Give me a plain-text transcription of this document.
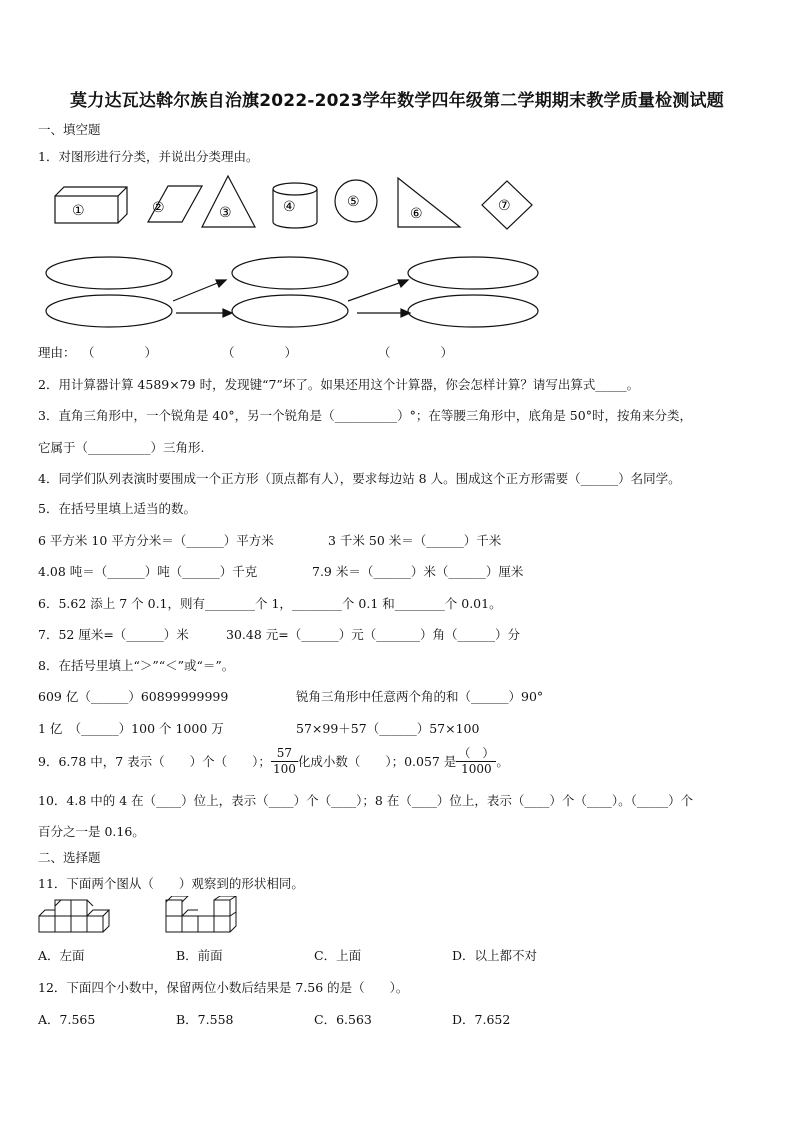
莫力达瓦达斡尔族自治旗2022-2023学年数学四年级第二学期期末教学质量检测试题
一、填空题
1．对图形进行分类，并说出分类理由。
①	②	③	④	⑤
⑥	⑦
理由： （　　　　）	（　　　　）	（　　　　）
2．用计算器计算 4589×79 时，发现键“7”坏了。如果还用这个计算器，你会怎样计算？请写出算式_____。
3．直角三角形中，一个锐角是 40°，另一个锐角是（__________）°；在等腰三角形中，底角是 50°时，按角来分类，
它属于（__________）三角形.
4．同学们队列表演时要围成一个正方形（顶点都有人），要求每边站 8 人。围成这个正方形需要（______）名同学。
5．在括号里填上适当的数。
6 平方米 10 平方分米＝（______）平方米	3 千米 50 米＝（______）千米
4.08 吨＝（______）吨（______）千克	7.9 米＝（______）米（______）厘米
6．5.62 添上 7 个 0.1，则有________个 1，________个 0.1 和________个 0.01。
7．52 厘米=（______）米	30.48 元=（______）元（_______）角（______）分
8．在括号里填上“＞”“＜”或“＝”。
609 亿（______）60899999999	锐角三角形中任意两个角的和（______）90°
1 亿　（______）100 个 1000 万	57×99＋57（______）57×100
9．6.78 中，7 表示（　　）个（　　）； $\frac{57}{100}$ 化成小数（　　）；0.057 是 $\frac{( )}{1000}$ 。
10．4.8 中的 4 在（____）位上，表示（____）个（____）；8 在（____）位上，表示（____）个（____）。（_____）个
百分之一是 0.16。
二、选择题
11．下面两个图从（　　）观察到的形状相同。
A．左面	B．前面	C．上面	D．以上都不对
12．下面四个小数中，保留两位小数后结果是 7.56 的是（　　）。
A．7.565	B．7.558	C．6.563	D．7.652
